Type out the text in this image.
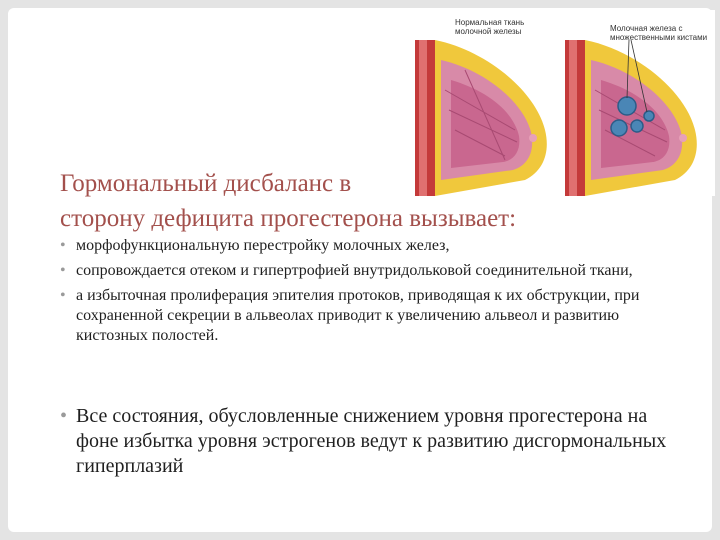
Нормальная ткань молочной железы	Молочная железа с множественными кистами
Гормональный дисбаланс в
сторону дефицита прогестерона вызывает:
• морфофункциональную перестройку молочных желез,
• сопровождается отеком и гипертрофией внутридольковой соединительной ткани,
• а избыточная пролиферация эпителия протоков, приводящая к их обструкции, при сохраненной секреции в альвеолах приводит к увеличению альвеол и развитию кистозных полостей.
• Все состояния, обусловленные снижением уровня прогестерона на фоне избытка уровня эстрогенов ведут к развитию дисгормональных гиперплазий
